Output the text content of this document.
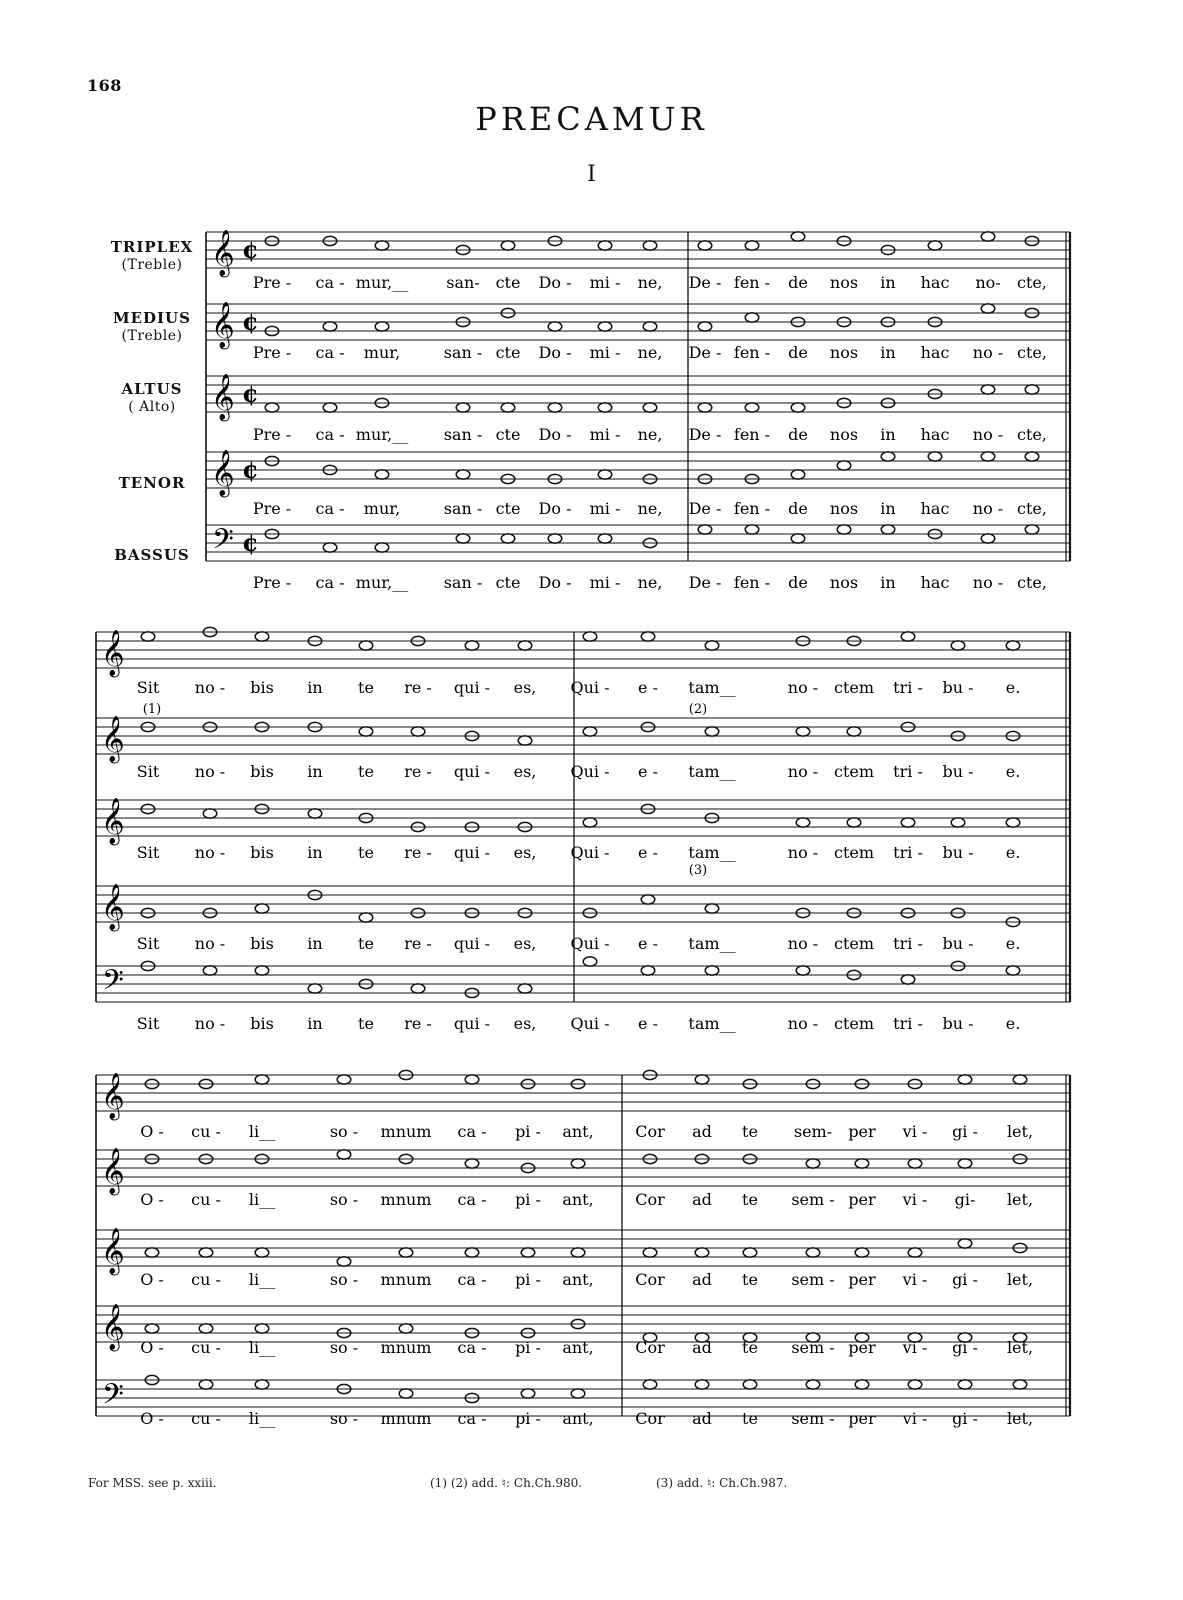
168
PRECAMUR
I
TRIPLEX
(Treble)
MEDIUS
(Treble)
ALTUS
( Alto)
TENOR
BASSUS
𝄞 ¢
Pre - ca - mur,__ san- cte Do - mi - ne, De - fen - de nos in hac no- cte,
𝄞 ¢
Pre - ca - mur,	san - cte Do - mi - ne, De - fen - de nos in hac no - cte,
𝄞 ¢
Pre - ca - mur,__ san - cte Do - mi - ne, De - fen - de nos in hac no - cte,
𝄞 ¢
Pre - ca - mur,	san - cte Do - mi - ne, De - fen - de nos in hac no - cte,
𝄢 ¢
Pre - ca - mur,__ san - cte Do - mi - ne, De - fen - de nos in hac no - cte,
𝄞
Sit no - bis in te re - qui - es, Qui - e - tam__	no - ctem tri - bu - e.
𝄞
Sit no - bis in te re - qui - es, Qui - e - tam__	no - ctem tri - bu - e.
𝄞
Sit no - bis in te re - qui - es, Qui - e - tam__	no - ctem tri - bu - e.
𝄞
Sit no - bis in te re - qui - es, Qui - e - tam__	no - ctem tri - bu - e.
𝄢
Sit no - bis in te re - qui - es, Qui - e - tam__	no - ctem tri - bu - e.
𝄞
O - cu - li__	so - mnum ca - pi - ant,	Cor ad te sem- per vi - gi - let,
𝄞
O - cu - li__	so - mnum ca - pi - ant,	Cor ad te sem - per vi - gi- let,
𝄞
O - cu - li__	so - mnum ca - pi - ant,	Cor ad te sem - per vi - gi - let,
𝄞 O - cu - li__	so - mnum ca - pi - ant,	Cor ad te sem - per vi - gi - let,
𝄢
O - cu - li__	so - mnum ca - pi - ant,	Cor ad te sem - per vi - gi - let,
(1)	(2)
(3)
For MSS. see p. xxiii.	(1) (2) add. ♮: Ch.Ch.980.	(3) add. ♮: Ch.Ch.987.
